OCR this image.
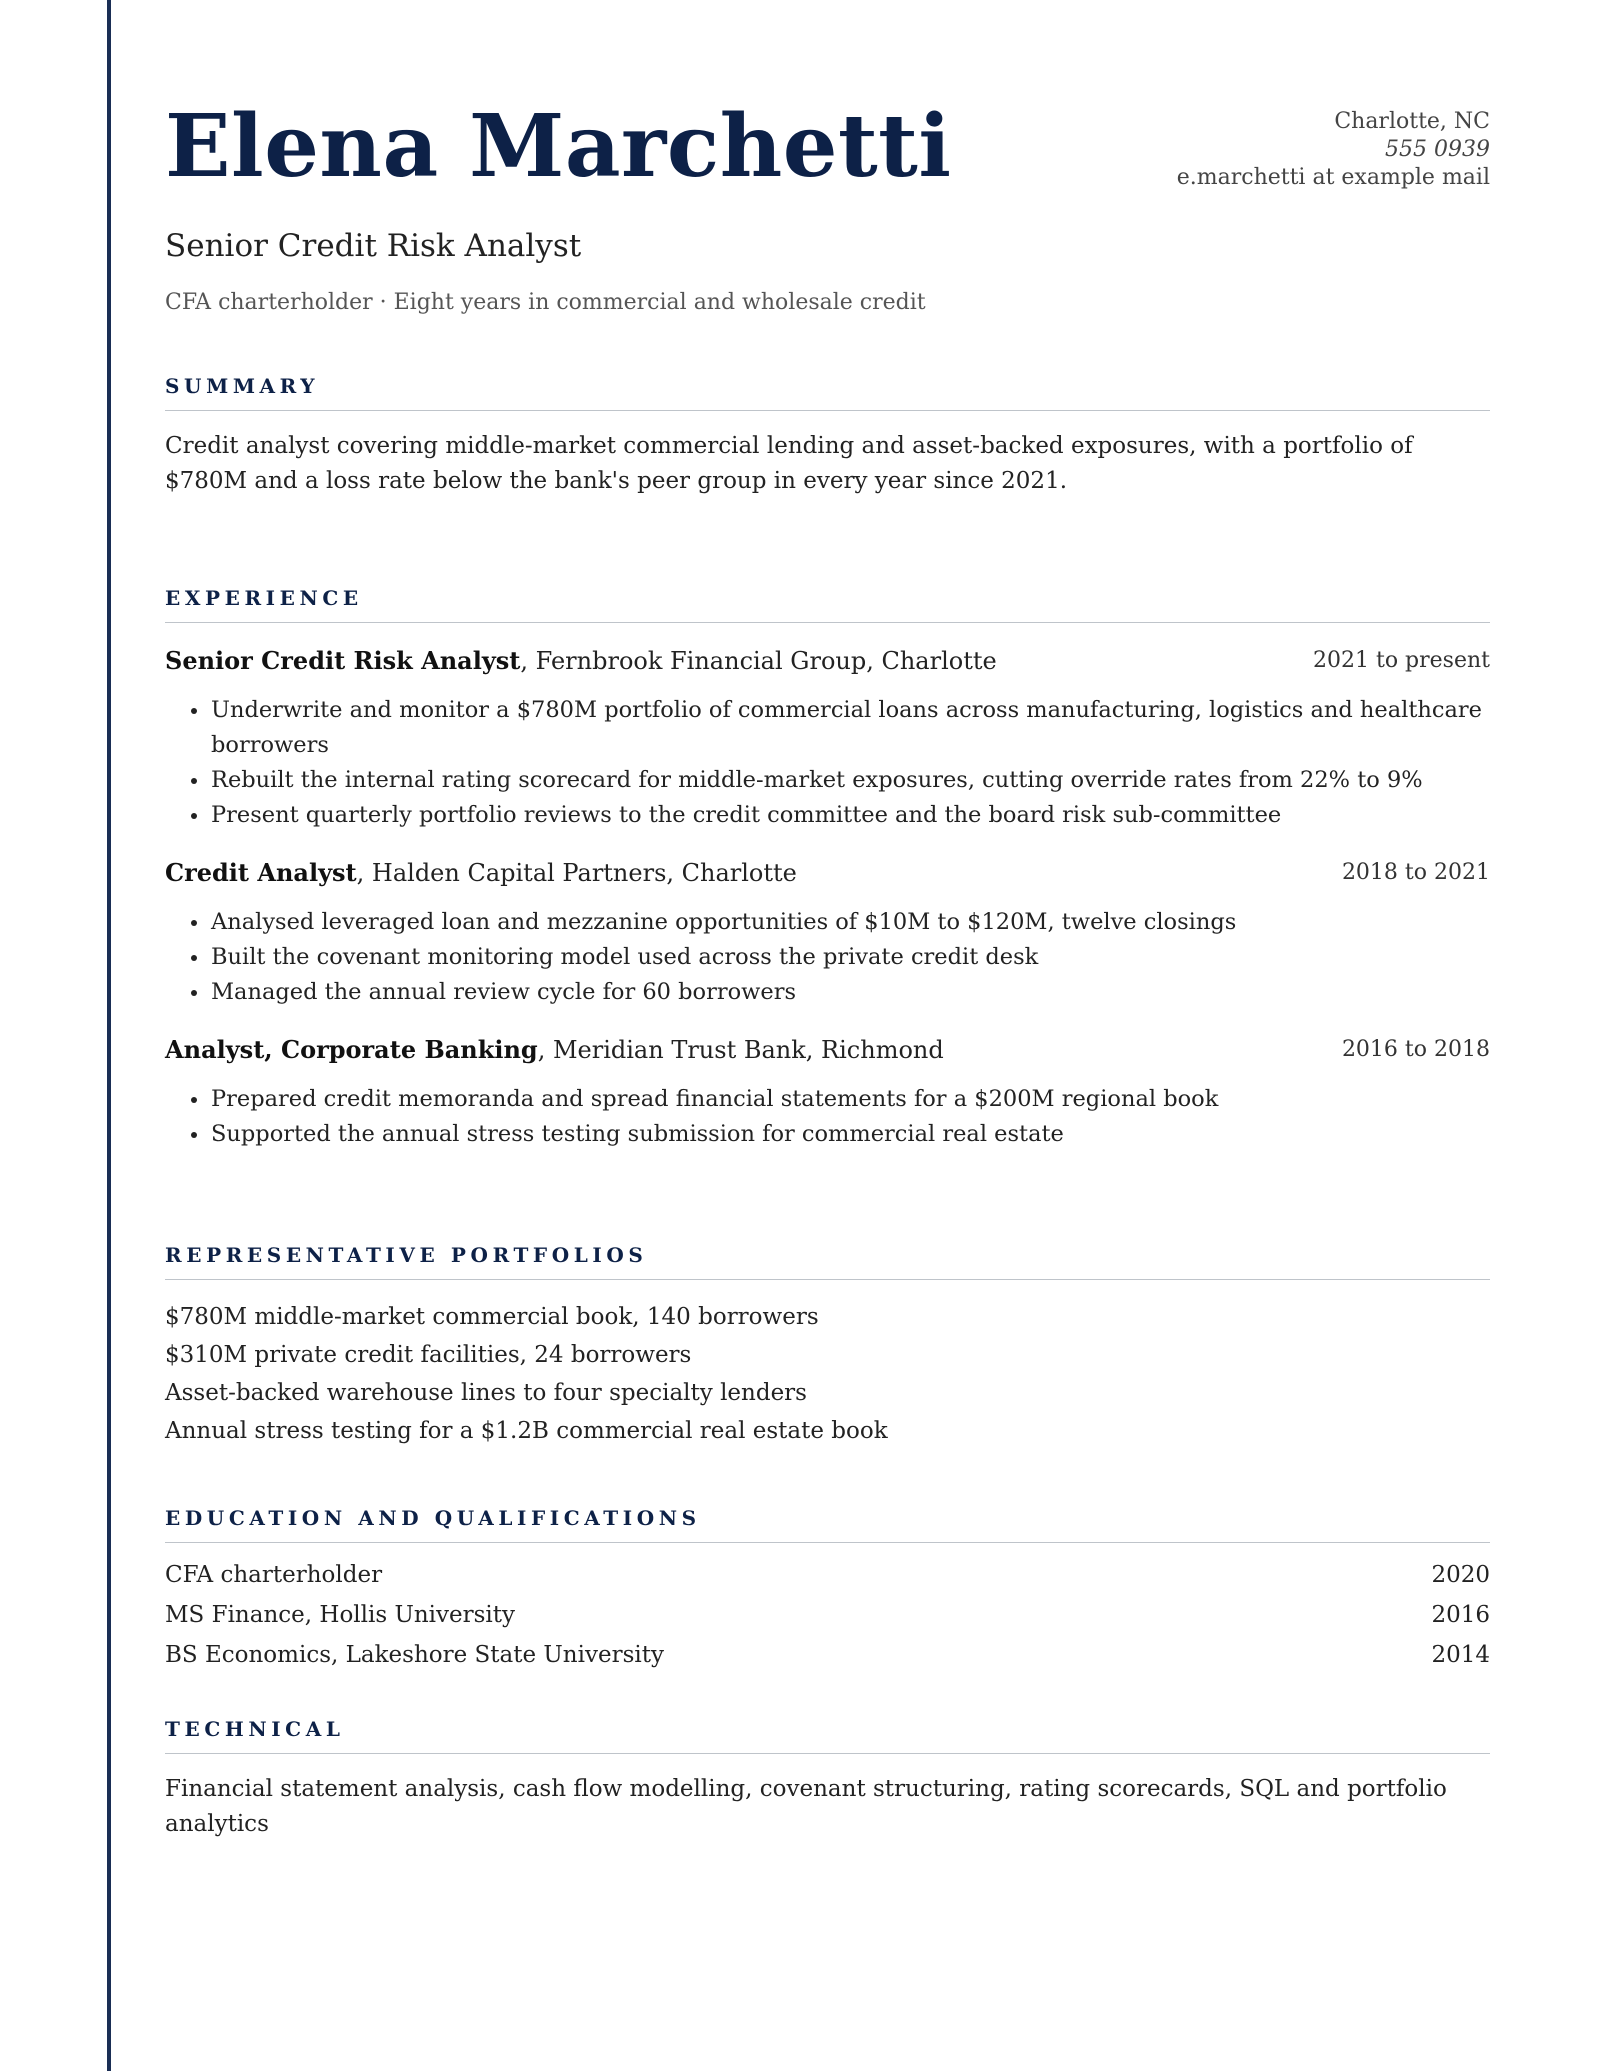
Elena Marchetti	Charlotte, NC
555 0939
e.marchetti at example mail
Senior Credit Risk Analyst
CFA charterholder · Eight years in commercial and wholesale credit
SUMMARY

Credit analyst covering middle-market commercial lending and asset-backed exposures, with a portfolio of $780M and a loss rate below the bank's peer group in every year since 2021.

EXPERIENCE
Senior Credit Risk Analyst, Fernbrook Financial Group, Charlotte	2021 to present
Underwrite and monitor a $780M portfolio of commercial loans across manufacturing, logistics and healthcare borrowers
Rebuilt the internal rating scorecard for middle-market exposures, cutting override rates from 22% to 9%
Present quarterly portfolio reviews to the credit committee and the board risk sub-committee
Credit Analyst, Halden Capital Partners, Charlotte	2018 to 2021
Analysed leveraged loan and mezzanine opportunities of $10M to $120M, twelve closings
Built the covenant monitoring model used across the private credit desk
Managed the annual review cycle for 60 borrowers
Analyst, Corporate Banking, Meridian Trust Bank, Richmond	2016 to 2018
Prepared credit memoranda and spread financial statements for a $200M regional book
Supported the annual stress testing submission for commercial real estate
REPRESENTATIVE PORTFOLIOS
$780M middle-market commercial book, 140 borrowers
$310M private credit facilities, 24 borrowers
Asset-backed warehouse lines to four specialty lenders
Annual stress testing for a $1.2B commercial real estate book
EDUCATION AND QUALIFICATIONS
CFA charterholder	2020
MS Finance, Hollis University	2016
BS Economics, Lakeshore State University	2014
TECHNICAL

Financial statement analysis, cash flow modelling, covenant structuring, rating scorecards, SQL and portfolio analytics
